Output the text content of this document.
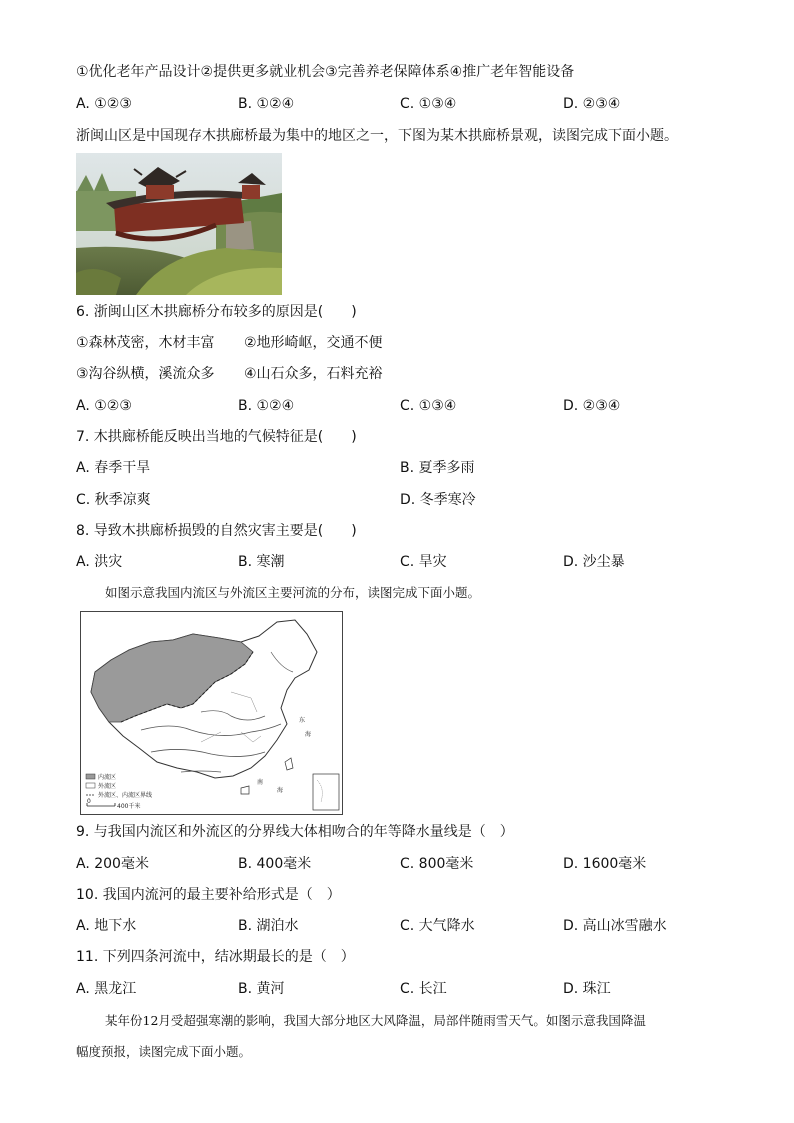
①优化老年产品设计②提供更多就业机会③完善养老保障体系④推广老年智能设备
A. ①②③	B. ①②④	C. ①③④	D. ②③④
浙闽山区是中国现存木拱廊桥最为集中的地区之一，下图为某木拱廊桥景观，读图完成下面小题。
6. 浙闽山区木拱廊桥分布较多的原因是(　　)
①森林茂密，木材丰富 ②地形崎岖，交通不便
③沟谷纵横，溪流众多 ④山石众多，石料充裕
A. ①②③	B. ①②④	C. ①③④	D. ②③④
7. 木拱廊桥能反映出当地的气候特征是(　　)
A. 春季干旱	B. 夏季多雨
C. 秋季凉爽	D. 冬季寒冷
8. 导致木拱廊桥损毁的自然灾害主要是(　　)
A. 洪灾	B. 寒潮	C. 旱灾	D. 沙尘暴
如图示意我国内流区与外流区主要河流的分布，读图完成下面小题。
东
海
南
海
内流区
外流区
外流区、内流区界线
0
400千米
9. 与我国内流区和外流区的分界线大体相吻合的年等降水量线是（　）
A. 200毫米	B. 400毫米	C. 800毫米	D. 1600毫米
10. 我国内流河的最主要补给形式是（　）
A. 地下水	B. 湖泊水	C. 大气降水	D. 高山冰雪融水
11. 下列四条河流中，结冰期最长的是（　）
A. 黑龙江	B. 黄河	C. 长江	D. 珠江
某年份12月受超强寒潮的影响，我国大部分地区大风降温，局部伴随雨雪天气。如图示意我国降温
幅度预报，读图完成下面小题。
